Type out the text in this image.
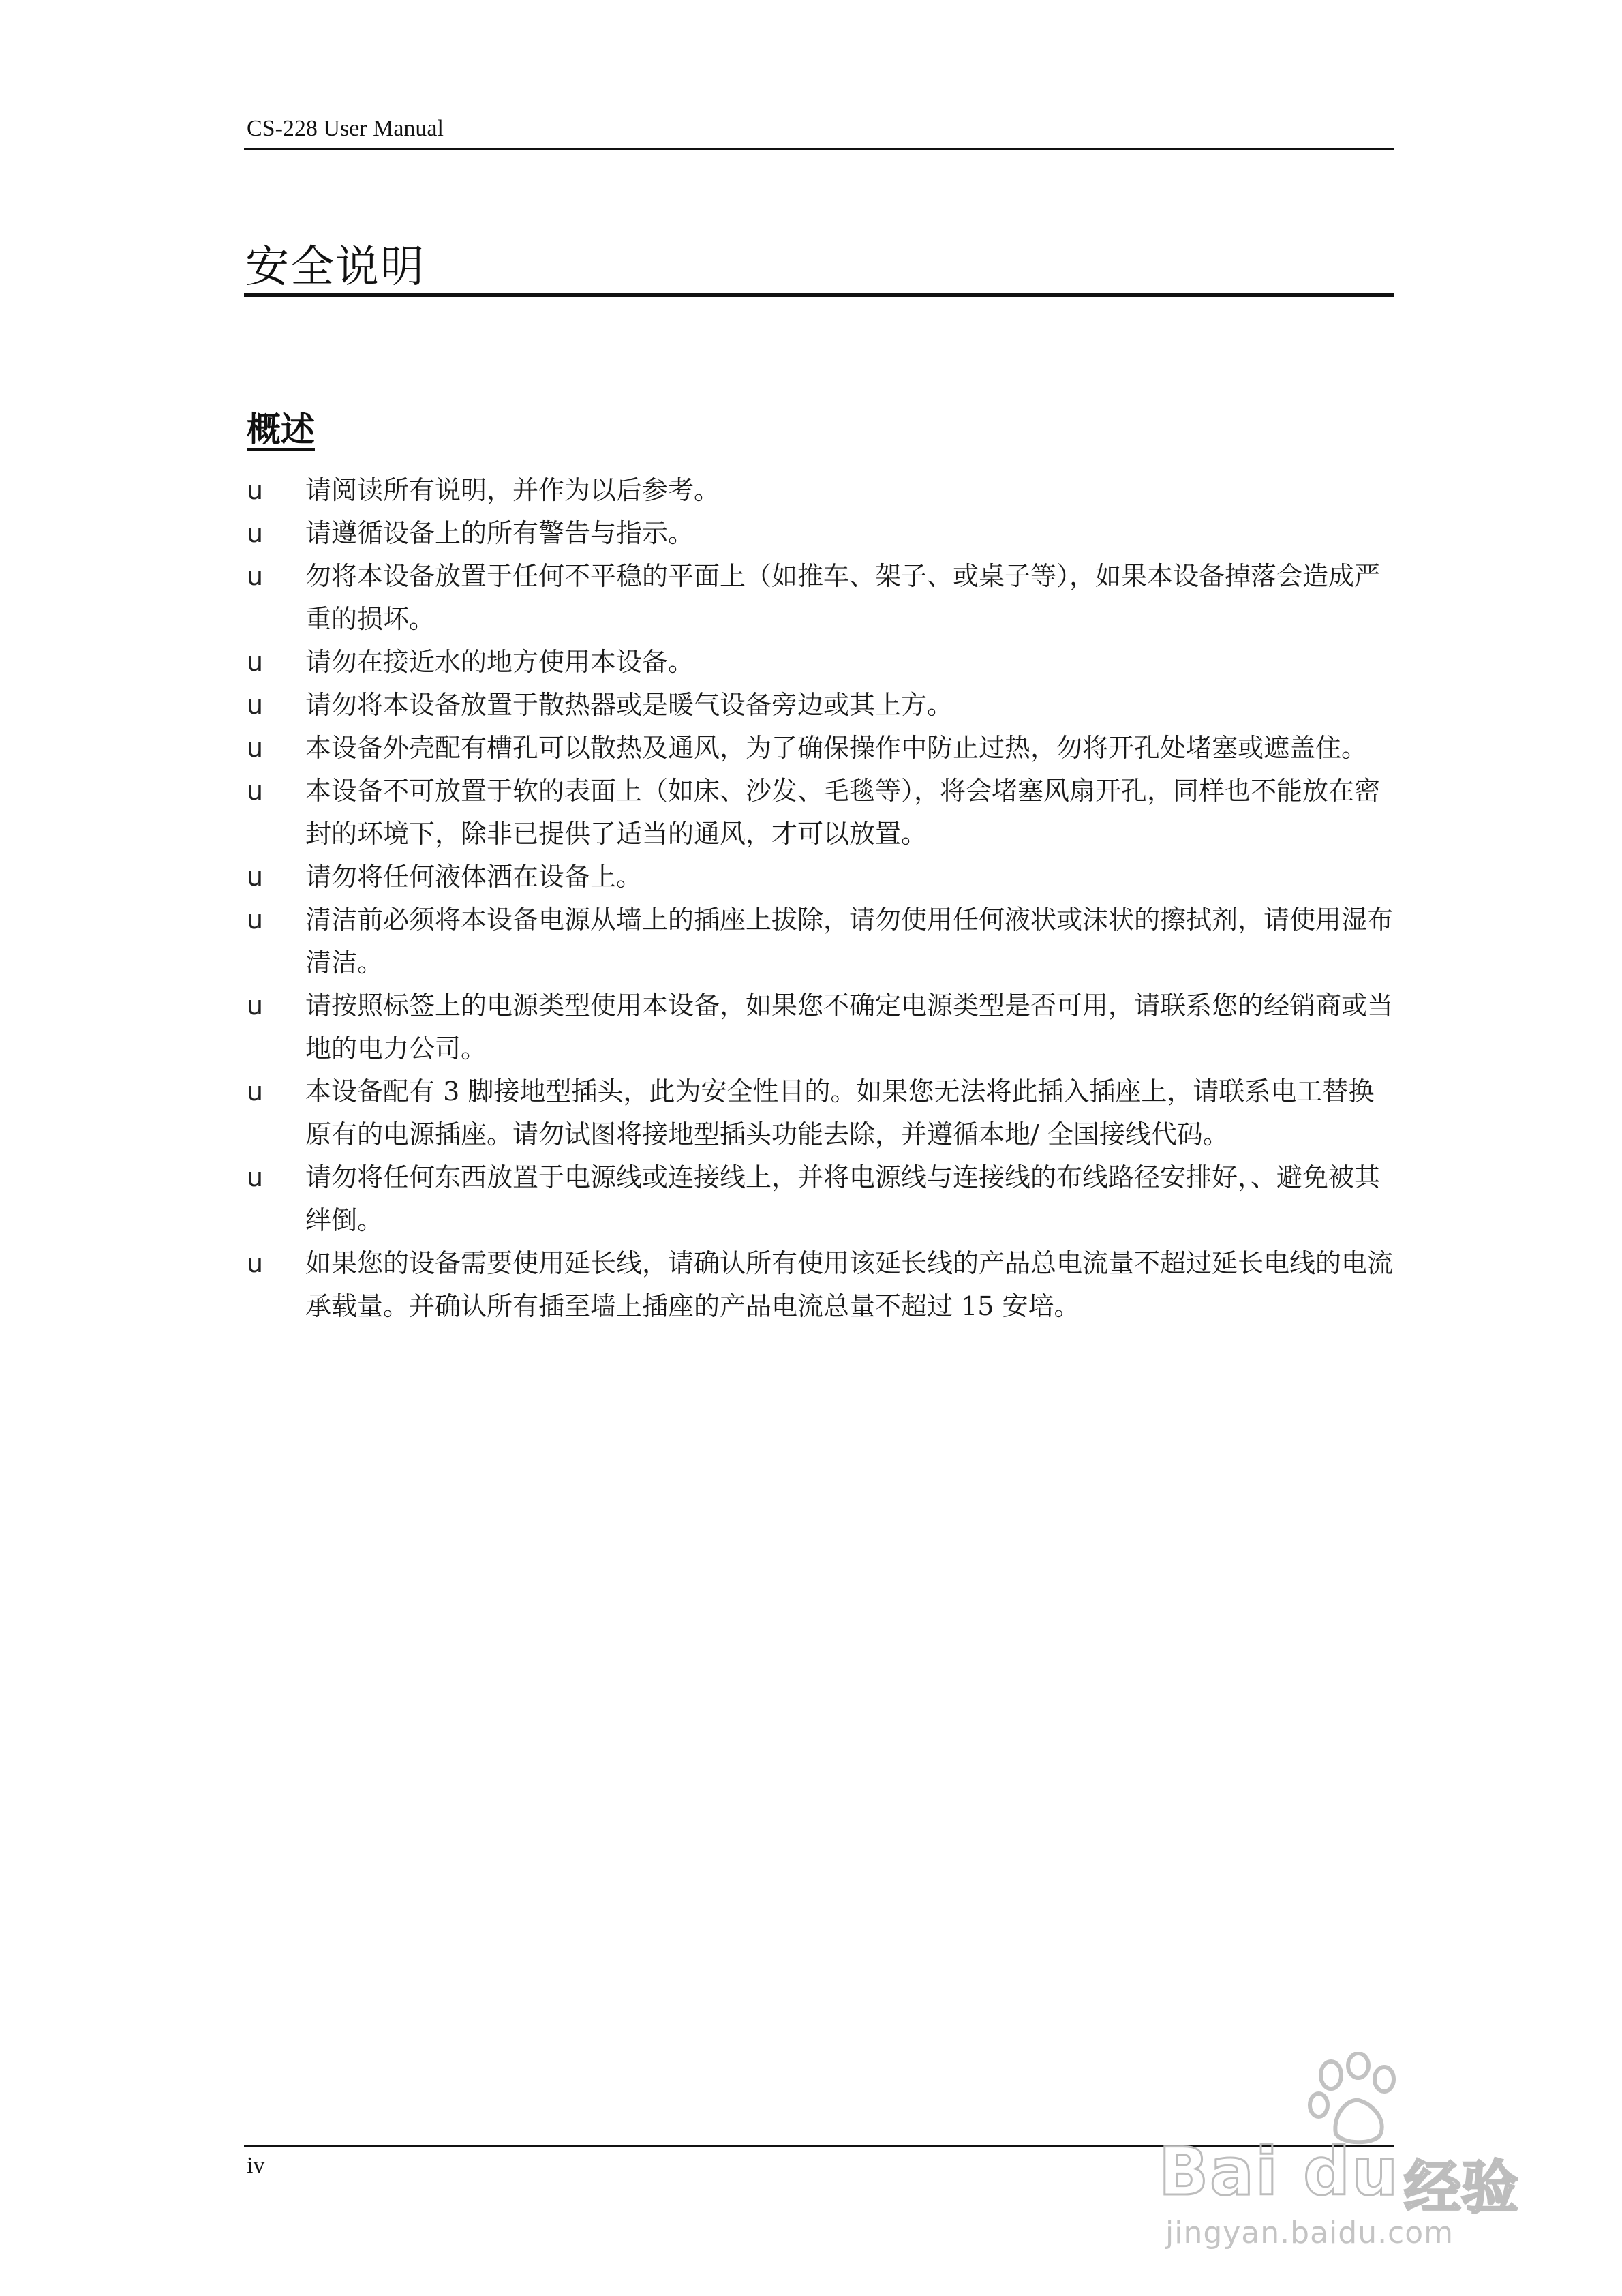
CS-228 User Manual
安全说明
概述
u 请阅读所有说明，并作为以后参考。
u 请遵循设备上的所有警告与指示。
u 勿将本设备放置于任何不平稳的平面上（如推车、架子、或桌子等），如果本设备掉落会造成严重的损坏。
u 请勿在接近水的地方使用本设备。
u 请勿将本设备放置于散热器或是暖气设备旁边或其上方。
u 本设备外壳配有槽孔可以散热及通风，为了确保操作中防止过热，勿将开孔处堵塞或遮盖住。
u 本设备不可放置于软的表面上（如床、沙发、毛毯等），将会堵塞风扇开孔，同样也不能放在密封的环境下，除非已提供了适当的通风，才可以放置。
u 请勿将任何液体洒在设备上。
u 清洁前必须将本设备电源从墙上的插座上拔除，请勿使用任何液状或沫状的擦拭剂，请使用湿布清洁。
u 请按照标签上的电源类型使用本设备，如果您不确定电源类型是否可用，请联系您的经销商或当地的电力公司。
u 本设备配有 3 脚接地型插头，此为安全性目的。如果您无法将此插入插座上，请联系电工替换原有的电源插座。请勿试图将接地型插头功能去除，并遵循本地/ 全国接线代码。
u 请勿将任何东西放置于电源线或连接线上，并将电源线与连接线的布线路径安排好，、避免被其绊倒。
u 如果您的设备需要使用延长线，请确认所有使用该延长线的产品总电流量不超过延长电线的电流承载量。并确认所有插至墙上插座的产品电流总量不超过 15 安培。
iv	Bai du 经验
jingyan.baidu.com
